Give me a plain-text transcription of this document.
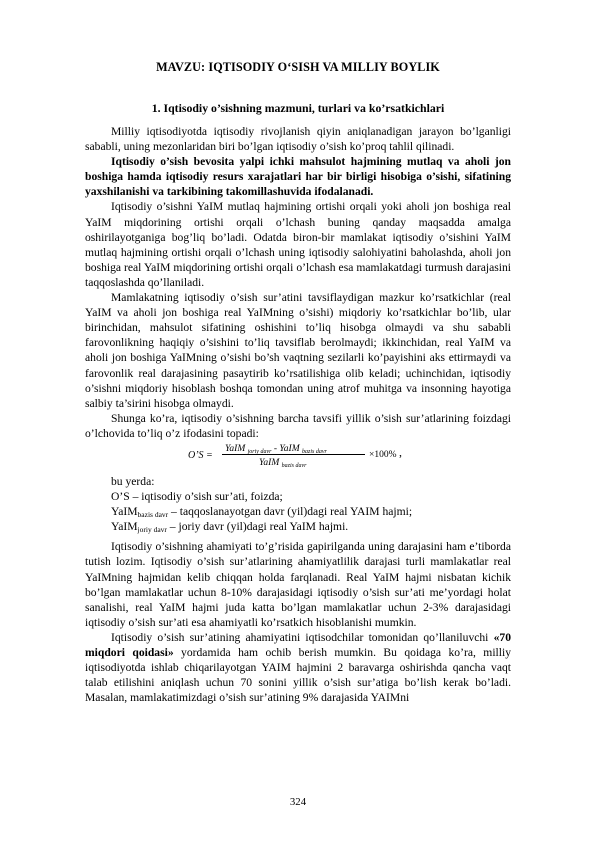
MAVZU: IQTISODIY O‘SISH VA MILLIY BOYLIK
1. Iqtisodiy o’sishning mazmuni, turlari va ko’rsatkichlari

Milliy iqtisodiyotda iqtisodiy rivojlanish qiyin aniqlanadigan jarayon bo’lganligi sababli, uning mezonlaridan biri bo’lgan iqtisodiy o’sish ko’proq tahlil qilinadi.

Iqtisodiy o’sish bevosita yalpi ichki mahsulot hajmining mutlaq va aholi jon boshiga hamda iqtisodiy resurs xarajatlari har bir birligi hisobiga o’sishi, sifatining yaxshilanishi va tarkibining takomillashuvida ifodalanadi.

Iqtisodiy o’sishni YaIM mutlaq hajmining ortishi orqali yoki aholi jon boshiga real YaIM miqdorining ortishi orqali o’lchash buning qanday maqsadda amalga oshirilayotganiga bog’liq bo’ladi. Odatda biron-bir mamlakat iqtisodiy o’sishini YaIM mutlaq hajmining ortishi orqali o’lchash uning iqtisodiy salohiyatini baholashda, aholi jon boshiga real YaIM miqdorining ortishi orqali o’lchash esa mamlakatdagi turmush darajasini taqqoslashda qo’llaniladi.

Mamlakatning iqtisodiy o’sish sur’atini tavsiflaydigan mazkur ko’rsatkichlar (real YaIM va aholi jon boshiga real YaIMning o’sishi) miqdoriy ko’rsatkichlar bo’lib, ular birinchidan, mahsulot sifatining oshishini to’liq hisobga olmaydi va shu sababli farovonlikning haqiqiy o’sishini to’liq tavsiflab berolmaydi; ikkinchidan, real YaIM va aholi jon boshiga YaIMning o’sishi bo’sh vaqtning sezilarli ko’payishini aks ettirmaydi va farovonlik real darajasining pasaytirib ko’rsatilishiga olib keladi; uchinchidan, iqtisodiy o’sishni miqdoriy hisoblash boshqa tomondan uning atrof muhitga va insonning hayotiga salbiy ta’sirini hisobga olmaydi.

Shunga ko’ra, iqtisodiy o’sishning barcha tavsifi yillik o’sish sur’atlarining foizdagi o’lchovida to’liq o’z ifodasini topadi:

O’S =
YaIM $_{joriy davr}$ - YaIM $_{bazis davr}$
YaIM $_{bazis davr}$
×100% ,

bu yerda:

O’S – iqtisodiy o’sish sur’ati, foizda;

YaIM$_{bazis davr}$ – taqqoslanayotgan davr (yil)dagi real YAIM hajmi;

YaIM$_{joriy davr}$ – joriy davr (yil)dagi real YaIM hajmi.

Iqtisodiy o’sishning ahamiyati to’g’risida gapirilganda uning darajasini ham e’tiborda tutish lozim. Iqtisodiy o’sish sur’atlarining ahamiyatlilik darajasi turli mamlakatlar real YaIMning hajmidan kelib chiqqan holda farqlanadi. Real YaIM hajmi nisbatan kichik bo’lgan mamlakatlar uchun 8-10% darajasidagi iqtisodiy o’sish sur’ati me’yordagi holat sanalishi, real YaIM hajmi juda katta bo’lgan mamlakatlar uchun 2-3% darajasidagi iqtisodiy o’sish sur’ati esa ahamiyatli ko’rsatkich hisoblanishi mumkin.

Iqtisodiy o’sish sur’atining ahamiyatini iqtisodchilar tomonidan qo’llaniluvchi «70 miqdori qoidasi» yordamida ham ochib berish mumkin. Bu qoidaga ko’ra, milliy iqtisodiyotda ishlab chiqarilayotgan YAIM hajmini 2 baravarga oshirishda qancha vaqt talab etilishini aniqlash uchun 70 sonini yillik o’sish sur’atiga bo’lish kerak bo’ladi. Masalan, mamlakatimizdagi o’sish sur’atining 9% darajasida YAIMni

324
